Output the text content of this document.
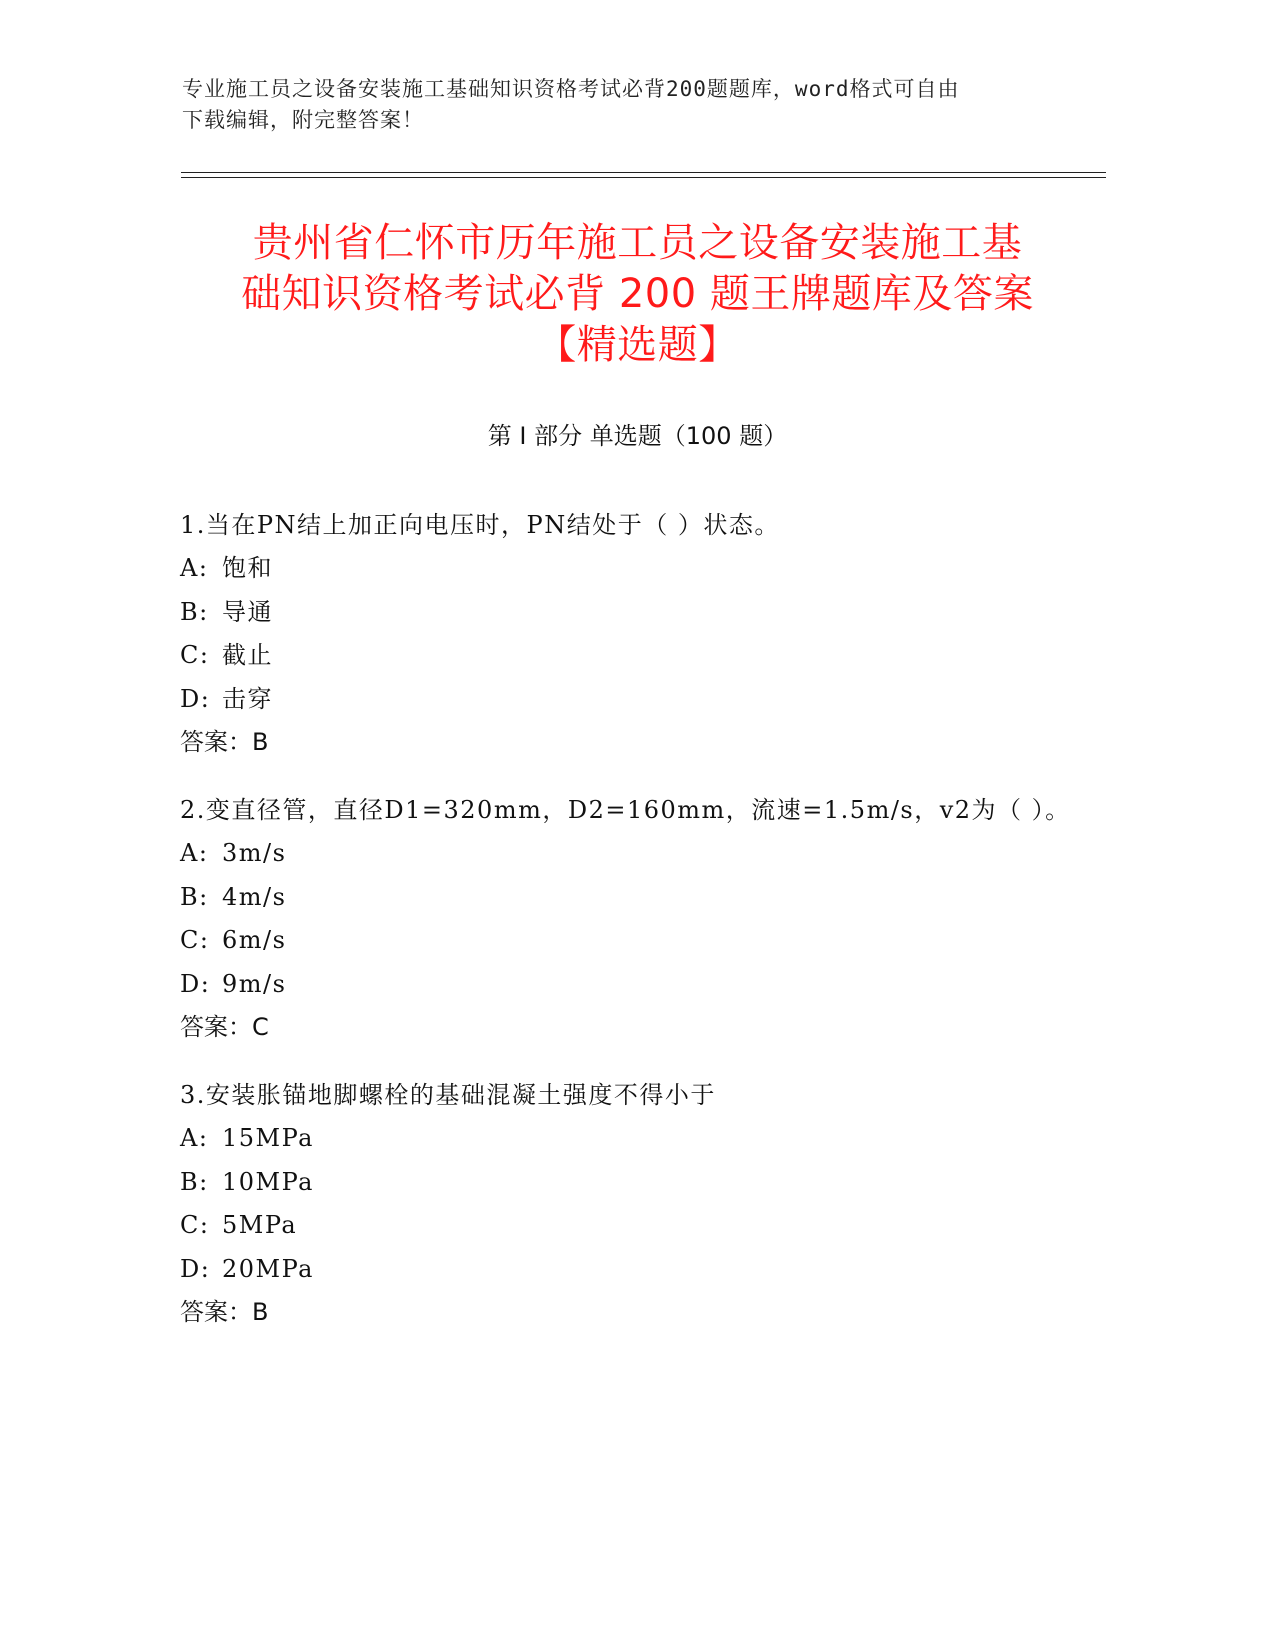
专业施工员之设备安装施工基础知识资格考试必背200题题库，word格式可自由
下载编辑，附完整答案！
贵州省仁怀市历年施工员之设备安装施工基
础知识资格考试必背 200 题王牌题库及答案
【精选题】
第 I 部分 单选题（100 题）
1.当在PN结上加正向电压时，PN结处于（ ）状态。
A: 饱和
B: 导通
C: 截止
D: 击穿
答案：B
2.变直径管，直径D1=320mm，D2=160mm，流速=1.5m/s，v2为（ ）。
A: 3m/s
B: 4m/s
C: 6m/s
D: 9m/s
答案：C
3.安装胀锚地脚螺栓的基础混凝土强度不得小于
A: 15MPa
B: 10MPa
C: 5MPa
D: 20MPa
答案：B
